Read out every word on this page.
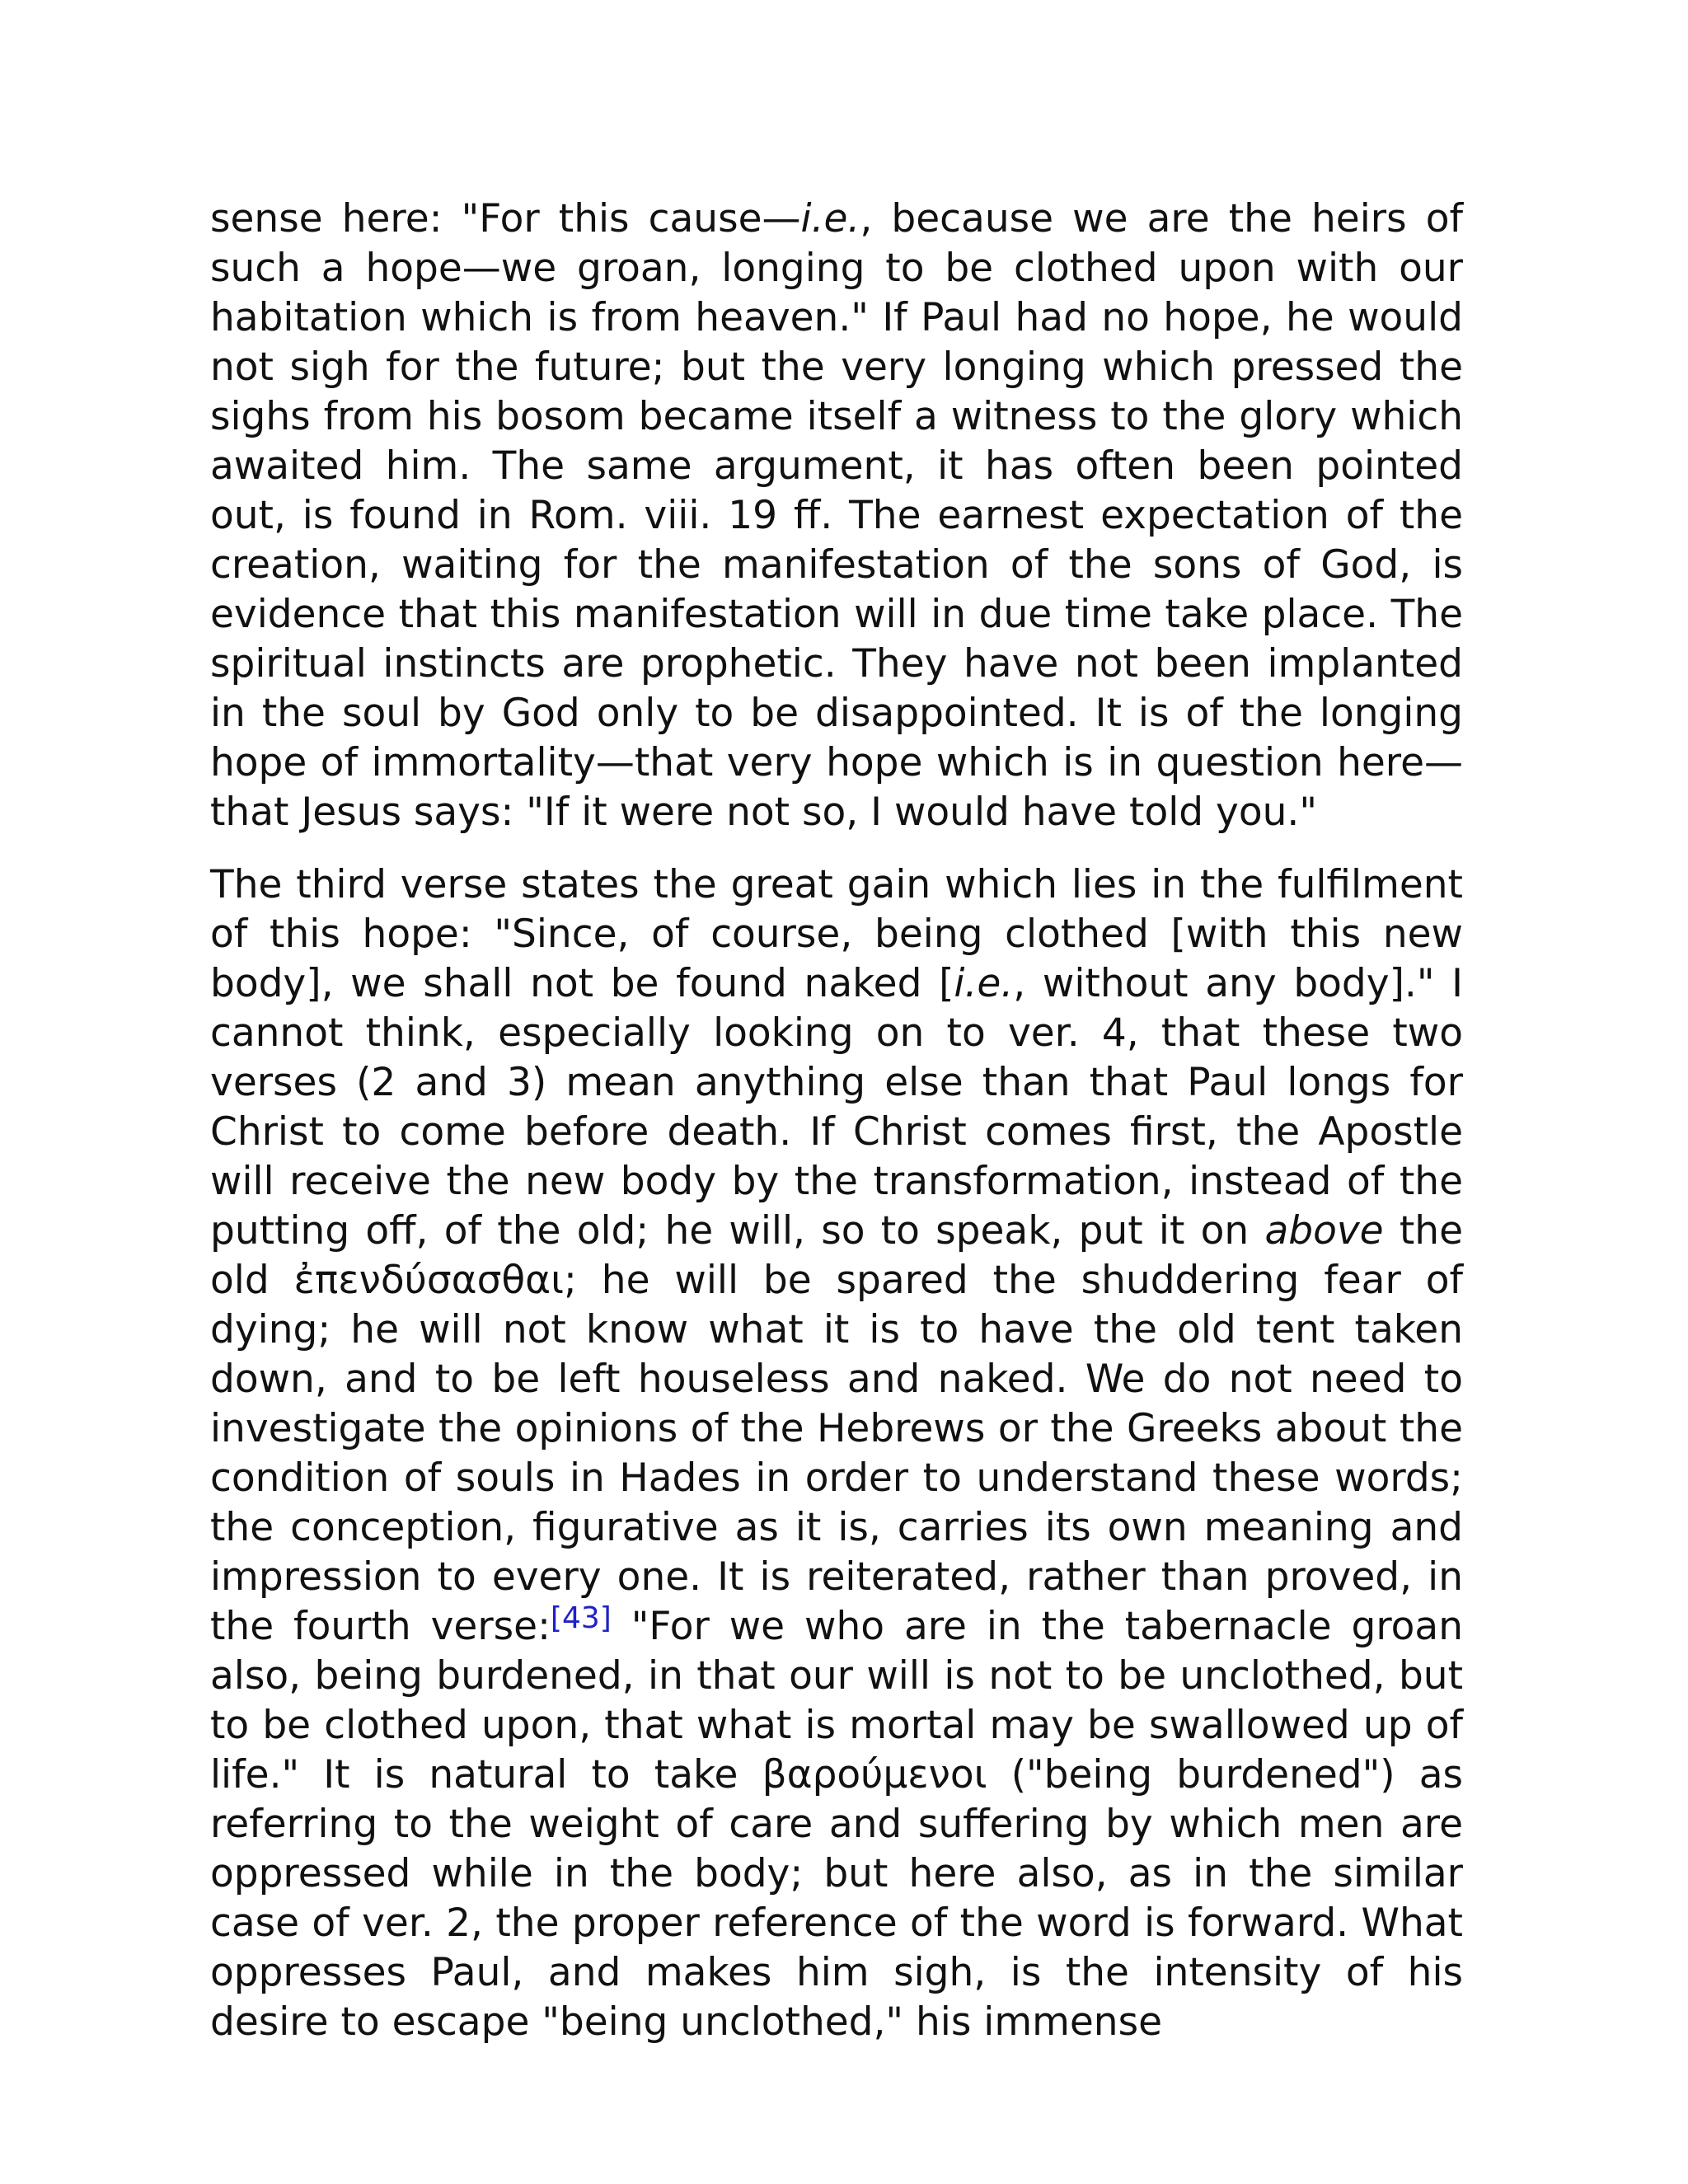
sense here: "For this cause—i.e., because we are the heirs of such a hope—we groan, longing to be clothed upon with our habitation which is from heaven." If Paul had no hope, he would not sigh for the future; but the very longing which pressed the sighs from his bosom became itself a witness to the glory which awaited him. The same argument, it has often been pointed out, is found in Rom. viii. 19 ff. The earnest expectation of the creation, waiting for the manifestation of the sons of God, is evidence that this manifestation will in due time take place. The spiritual instincts are prophetic. They have not been implanted in the soul by God only to be disappointed. It is of the longing hope of immortality—that very hope which is in question here—that Jesus says: "If it were not so, I would have told you."

The third verse states the great gain which lies in the fulfilment of this hope: "Since, of course, being clothed [with this new body], we shall not be found naked [i.e., without any body]." I cannot think, especially looking on to ver. 4, that these two verses (2 and 3) mean anything else than that Paul longs for Christ to come before death. If Christ comes first, the Apostle will receive the new body by the transformation, instead of the putting off, of the old; he will, so to speak, put it on above the old ἐπενδύσασθαι; he will be spared the shuddering fear of dying; he will not know what it is to have the old tent taken down, and to be left houseless and naked. We do not need to investigate the opinions of the Hebrews or the Greeks about the condition of souls in Hades in order to understand these words; the conception, figurative as it is, carries its own meaning and impression to every one. It is reiterated, rather than proved, in the fourth verse:[43] "For we who are in the tabernacle groan also, being burdened, in that our will is not to be unclothed, but to be clothed upon, that what is mortal may be swallowed up of life." It is natural to take βαρούμενοι ("being burdened") as referring to the weight of care and suffering by which men are oppressed while in the body; but here also, as in the similar case of ver. 2, the proper reference of the word is forward. What oppresses Paul, and makes him sigh, is the intensity of his desire to escape "being unclothed," his immense
